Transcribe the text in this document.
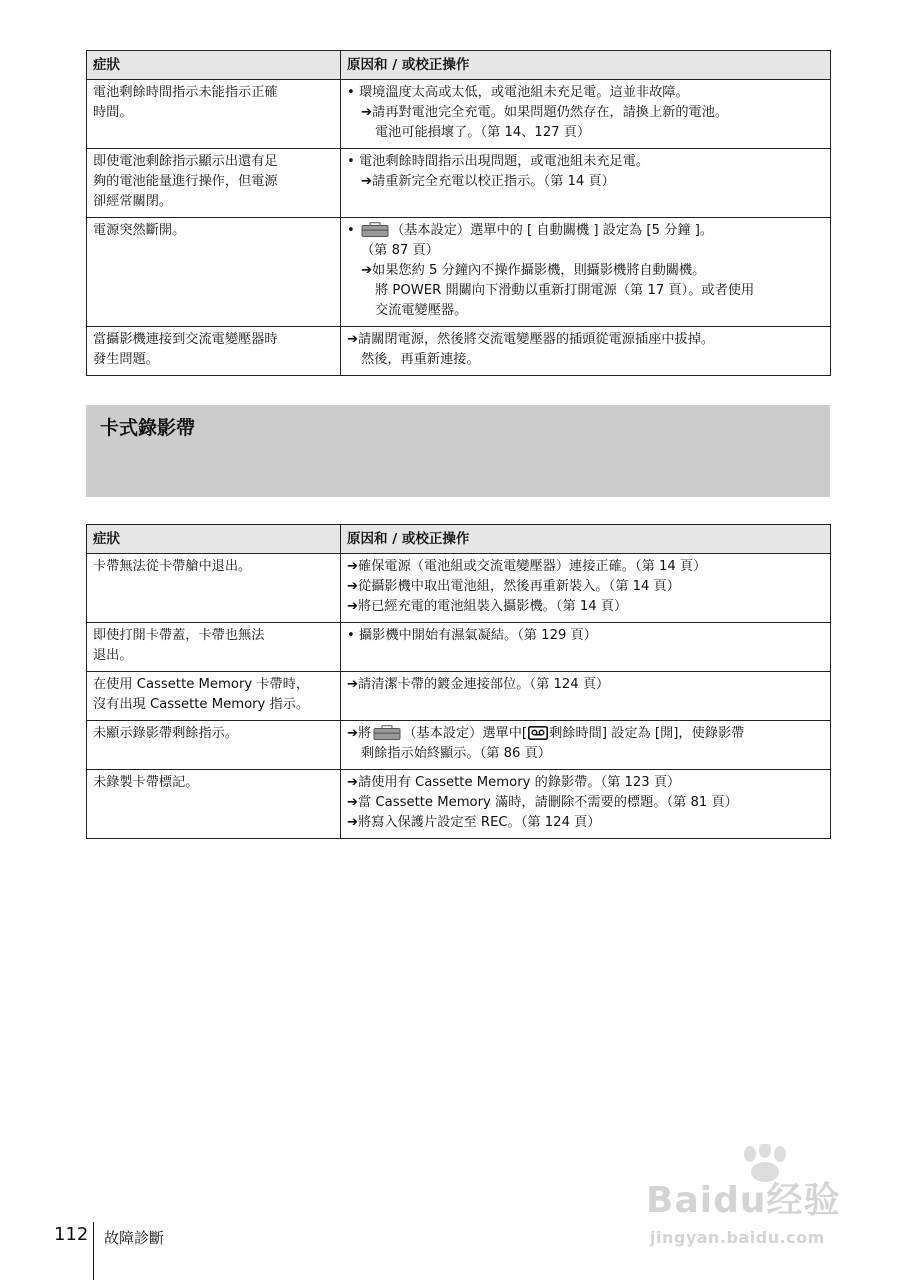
症狀	原因和 / 或校正操作

電池剩餘時間指示未能指示正確
時間。	• 環境溫度太高或太低，或電池組未充足電。這並非故障。
➔請再對電池完全充電。如果問題仍然存在，請換上新的電池。
電池可能損壞了。（第 14、127 頁）

即使電池剩餘指示顯示出還有足
夠的電池能量進行操作，但電源
卻經常關閉。	• 電池剩餘時間指示出現問題，或電池組未充足電。
➔請重新完全充電以校正指示。（第 14 頁）

電源突然斷開。	• （基本設定）選單中的 [ 自動關機 ] 設定為 [5 分鐘 ]。
（第 87 頁）
➔如果您約 5 分鐘內不操作攝影機，則攝影機將自動關機。
將 POWER 開關向下滑動以重新打開電源（第 17 頁）。或者使用
交流電變壓器。

當攝影機連接到交流電變壓器時
發生問題。	➔請關閉電源，然後將交流電變壓器的插頭從電源插座中拔掉。
然後，再重新連接。
卡式錄影帶
症狀	原因和 / 或校正操作

卡帶無法從卡帶艙中退出。	➔確保電源（電池組或交流電變壓器）連接正確。（第 14 頁）
➔從攝影機中取出電池組，然後再重新裝入。（第 14 頁）
➔將已經充電的電池組裝入攝影機。（第 14 頁）

即使打開卡帶蓋，卡帶也無法
退出。	• 攝影機中開始有濕氣凝結。（第 129 頁）

在使用 Cassette Memory 卡帶時，
沒有出現 Cassette Memory 指示。	➔請清潔卡帶的鍍金連接部位。（第 124 頁）

未顯示錄影帶剩餘指示。	➔將 （基本設定）選單中[ 剩餘時間] 設定為 [開]，使錄影帶
剩餘指示始終顯示。（第 86 頁）

未錄製卡帶標記。	➔請使用有 Cassette Memory 的錄影帶。（第 123 頁）
➔當 Cassette Memory 滿時，請刪除不需要的標題。（第 81 頁）
➔將寫入保護片設定至 REC。（第 124 頁）
Baidu经验
jingyan.baidu.com
112 故障診斷
